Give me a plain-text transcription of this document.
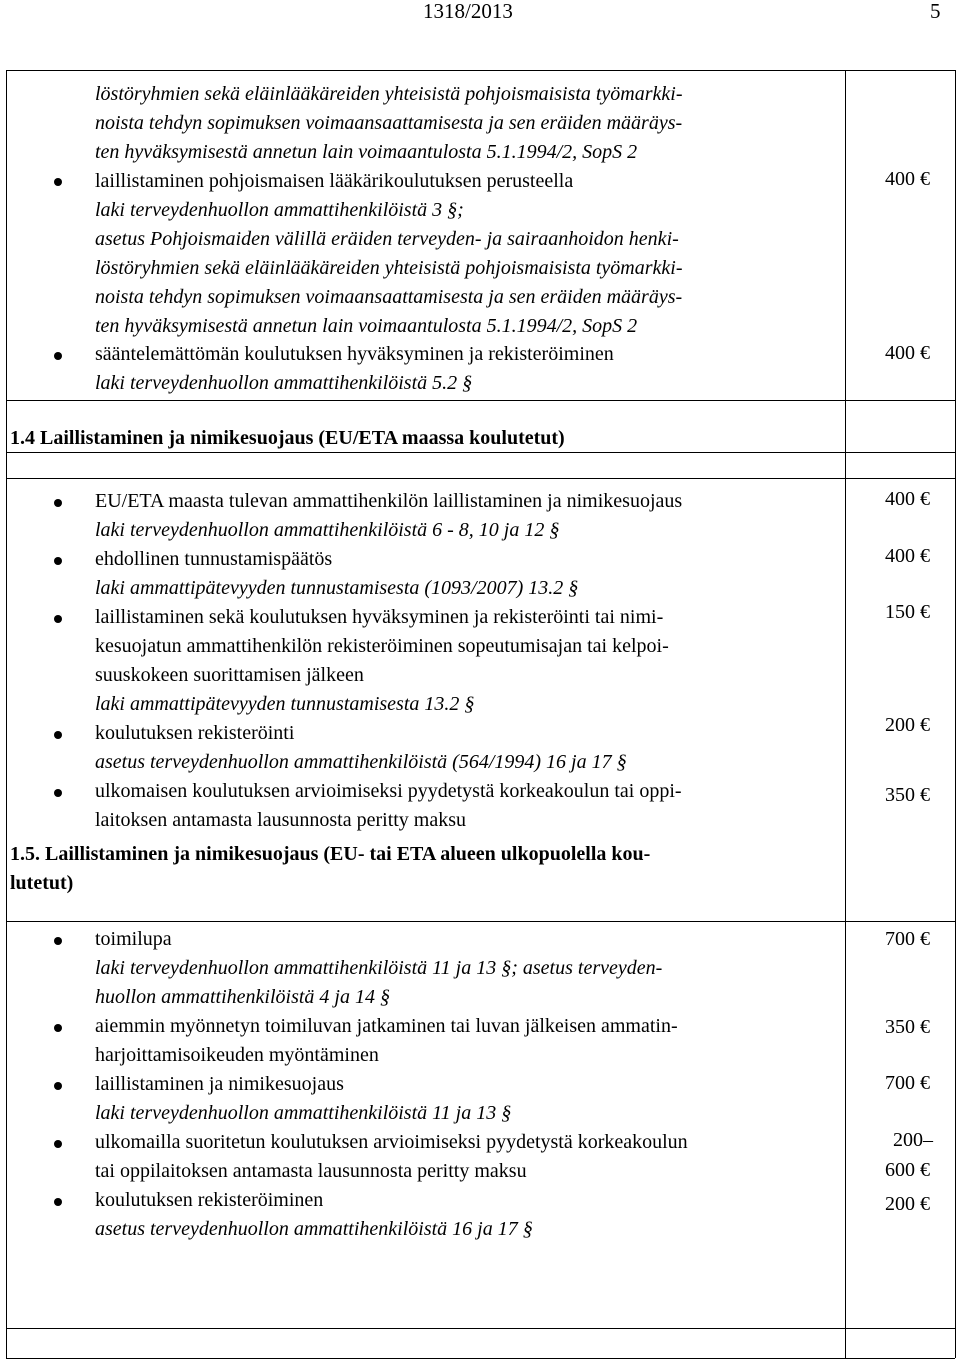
1318/2013	5
löstöryhmien sekä eläinlääkäreiden yhteisistä pohjoismaisista työmarkki-
noista tehdyn sopimuksen voimaansaattamisesta ja sen eräiden määräys-
ten hyväksymisestä annetun lain voimaantulosta 5.1.1994/2, SopS 2
laillistaminen pohjoismaisen lääkärikoulutuksen perusteella
laki terveydenhuollon ammattihenkilöistä 3 §;
asetus Pohjoismaiden välillä eräiden terveyden- ja sairaanhoidon henki-
löstöryhmien sekä eläinlääkäreiden yhteisistä pohjoismaisista työmarkki-
noista tehdyn sopimuksen voimaansaattamisesta ja sen eräiden määräys-
ten hyväksymisestä annetun lain voimaantulosta 5.1.1994/2, SopS 2
400 €
sääntelemättömän koulutuksen hyväksyminen ja rekisteröiminen
laki terveydenhuollon ammattihenkilöistä 5.2 §
400 €
1.4 Laillistaminen ja nimikesuojaus (EU/ETA maassa koulutetut)
EU/ETA maasta tulevan ammattihenkilön laillistaminen ja nimikesuojaus
laki terveydenhuollon ammattihenkilöistä 6 - 8, 10 ja 12 §
400 €
ehdollinen tunnustamispäätös
laki ammattipätevyyden tunnustamisesta (1093/2007) 13.2 §
400 €
laillistaminen sekä koulutuksen hyväksyminen ja rekisteröinti tai nimi-
kesuojatun ammattihenkilön rekisteröiminen sopeutumisajan tai kelpoi-
suuskokeen suorittamisen jälkeen
laki ammattipätevyyden tunnustamisesta 13.2 §
150 €
koulutuksen rekisteröinti
asetus terveydenhuollon ammattihenkilöistä (564/1994) 16 ja 17 §
200 €
ulkomaisen koulutuksen arvioimiseksi pyydetystä korkeakoulun tai oppi-
laitoksen antamasta lausunnosta peritty maksu
350 €
1.5. Laillistaminen ja nimikesuojaus (EU- tai ETA alueen ulkopuolella kou-
lutetut)
toimilupa
laki terveydenhuollon ammattihenkilöistä 11 ja 13 §; asetus terveyden-
huollon ammattihenkilöistä 4 ja 14 §
700 €
aiemmin myönnetyn toimiluvan jatkaminen tai luvan jälkeisen ammatin-
harjoittamisoikeuden myöntäminen
350 €
laillistaminen ja nimikesuojaus
laki terveydenhuollon ammattihenkilöistä 11 ja 13 §
700 €
ulkomailla suoritetun koulutuksen arvioimiseksi pyydetystä korkeakoulun
tai oppilaitoksen antamasta lausunnosta peritty maksu
200–
600 €
koulutuksen rekisteröiminen
asetus terveydenhuollon ammattihenkilöistä 16 ja 17 §
200 €
